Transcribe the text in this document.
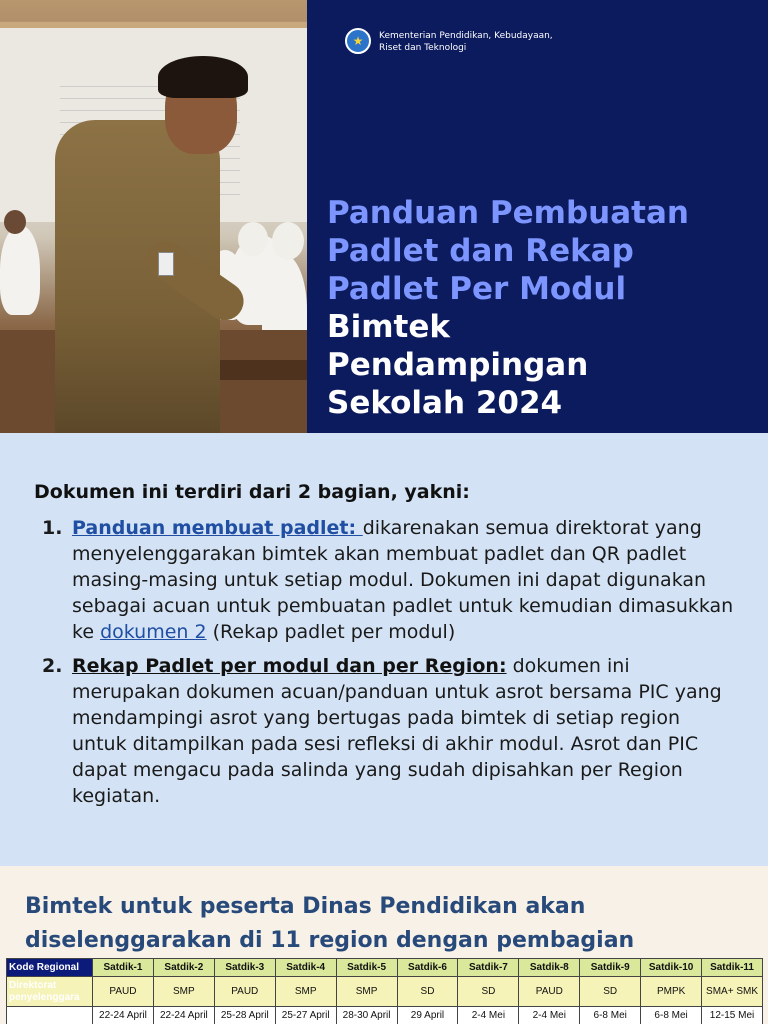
★ Kementerian Pendidikan, Kebudayaan,
Riset dan Teknologi
Panduan Pembuatan
Padlet dan Rekap
Padlet Per Modul
Bimtek
Pendampingan
Sekolah 2024
Dokumen ini terdiri dari 2 bagian, yakni:
1. Panduan membuat padlet: dikarenakan semua direktorat yang menyelenggarakan bimtek akan membuat padlet dan QR padlet masing-masing untuk setiap modul. Dokumen ini dapat digunakan sebagai acuan untuk pembuatan padlet untuk kemudian dimasukkan ke dokumen 2 (Rekap padlet per modul)
2. Rekap Padlet per modul dan per Region: dokumen ini merupakan dokumen acuan/panduan untuk asrot bersama PIC yang mendampingi asrot yang bertugas pada bimtek di setiap region untuk ditampilkan pada sesi refleksi di akhir modul. Asrot dan PIC dapat mengacu pada salinda yang sudah dipisahkan per Region kegiatan.
Bimtek untuk peserta Dinas Pendidikan akan diselenggarakan di 11 region dengan pembagian
Kode Regional	Satdik-1	Satdik-2	Satdik-3	Satdik-4	Satdik-5	Satdik-6	Satdik-7	Satdik-8	Satdik-9	Satdik-10	Satdik-11
Direktorat penyelenggara	PAUD	SMP	PAUD	SMP	SMP	SD	SD	PAUD	SD	PMPK	SMA+ SMK
Waktu	22-24 April	22-24 April	25-28 April	25-27 April	28-30 April	29 April	2-4 Mei	2-4 Mei	6-8 Mei	6-8 Mei	12-15 Mei
